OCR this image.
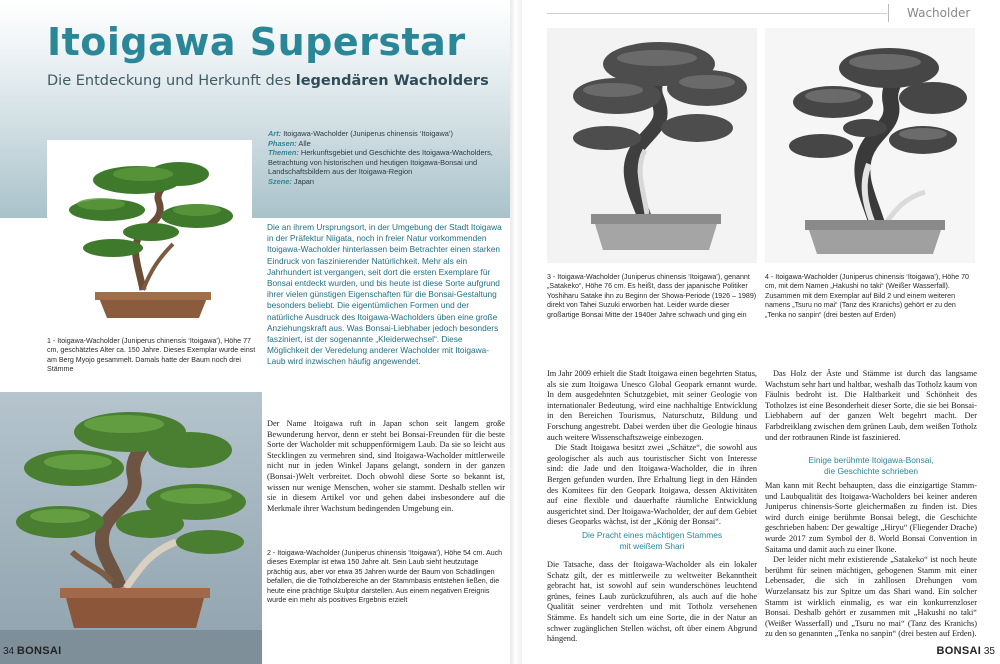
Itoigawa Superstar
Die Entdeckung und Herkunft des legendären Wacholders
Art: Itoigawa-Wacholder (Juniperus chinensis ‘Itoigawa’)
Phasen: Alle
Themen: Herkunftsgebiet und Geschichte des Itoigawa-Wacholders, Betrachtung von historischen und heutigen Itoigawa-Bonsai und Landschaftsbildern aus der Itoigawa-Region
Szene: Japan
1 - Itoigawa-Wacholder (Juniperus chinensis ‘Itoigawa’), Höhe 77 cm, geschätztes Alter ca. 150 Jahre. Dieses Exemplar wurde einst am Berg Myojo gesammelt. Damals hatte der Baum noch drei Stämme
Die an ihrem Ursprungsort, in der Umgebung der Stadt Itoigawa in der Präfektur Niigata, noch in freier Natur vorkommenden Itoigawa-Wacholder hinterlassen beim Betrachter einen starken Eindruck von faszinierender Natürlichkeit. Mehr als ein Jahrhundert ist vergangen, seit dort die ersten Exemplare für Bonsai entdeckt wurden, und bis heute ist diese Sorte aufgrund ihrer vielen günstigen Eigenschaften für die Bonsai-Gestaltung besonders beliebt. Die eigentümlichen Formen und der natürliche Ausdruck des Itoigawa-Wacholders üben eine große Anziehungskraft aus. Was Bonsai-Liebhaber jedoch besonders fasziniert, ist der sogenannte „Kleiderwechsel“. Diese Möglichkeit der Veredelung anderer Wacholder mit Itoigawa-Laub wird inzwischen häufig angewendet.
2 - Itoigawa-Wacholder (Juniperus chinensis ‘Itoigawa’), Höhe 54 cm. Auch dieses Exemplar ist etwa 150 Jahre alt. Sein Laub sieht heutzutage prächtig aus, aber vor etwa 35 Jahren wurde der Baum von Schädlingen befallen, die die Totholzbereiche an der Stammbasis entstehen ließen, die heute eine prächtige Skulptur darstellen. Aus einem negativen Ereignis wurde ein mehr als positives Ergebnis erzielt

Der Name Itoigawa ruft in Japan schon seit langem große Bewunderung hervor, denn er steht bei Bonsai-Freunden für die beste Sorte der Wacholder mit schuppenförmigem Laub. Da sie so leicht aus Stecklingen zu vermehren sind, sind Itoigawa-Wacholder mittlerweile nicht nur in jeden Winkel Japans gelangt, sondern in der ganzen (Bonsai-)Welt verbreitet. Doch obwohl diese Sorte so bekannt ist, wissen nur wenige Menschen, woher sie stammt. Deshalb stellen wir sie in diesem Artikel vor und gehen dabei insbesondere auf die Merkmale ihrer Wachstum bedingenden Umgebung ein.

34 BONSAI
Wacholder
3 - Itoigawa-Wacholder (Juniperus chinensis ‘Itoigawa’), genannt „Satakeko“, Höhe 76 cm. Es heißt, dass der japanische Politiker Yoshiharu Satake ihn zu Beginn der Showa-Periode (1926 – 1989) direkt von Tahei Suzuki erworben hat. Leider wurde dieser großartige Bonsai Mitte der 1940er Jahre schwach und ging ein
4 - Itoigawa-Wacholder (Juniperus chinensis ‘Itoigawa’), Höhe 70 cm, mit dem Namen „Hakushi no taki“ (Weißer Wasserfall). Zusammen mit dem Exemplar auf Bild 2 und einem weiteren namens „Tsuru no mai“ (Tanz des Kranichs) gehört er zu den „Tenka no sanpin“ (drei besten auf Erden)

Im Jahr 2009 erhielt die Stadt Itoigawa einen begehrten Status, als sie zum Itoigawa Unesco Global Geopark ernannt wurde. In dem ausgedehnten Schutzgebiet, mit seiner Geologie von internationaler Bedeutung, wird eine nachhaltige Entwicklung in den Bereichen Tourismus, Naturschutz, Bildung und Forschung angestrebt. Dabei werden über die Geologie hinaus auch weitere Wissenschaftszweige einbezogen.

Die Stadt Itoigawa besitzt zwei „Schätze“, die sowohl aus geologischer als auch aus touristischer Sicht von Interesse sind: die Jade und den Itoigawa-Wacholder, die in ihren Bergen gefunden wurden. Ihre Erhaltung liegt in den Händen des Komitees für den Geopark Itoigawa, dessen Aktivitäten auf eine flexible und dauerhafte räumliche Entwicklung ausgerichtet sind. Der Itoigawa-Wacholder, der auf dem Gebiet dieses Geoparks wächst, ist der „König der Bonsai“.

Die Pracht eines mächtigen Stammes
mit weißem Shari

Die Tatsache, dass der Itoigawa-Wacholder als ein lokaler Schatz gilt, der es mittlerweile zu weltweiter Bekanntheit gebracht hat, ist sowohl auf sein wunderschönes leuchtend grünes, feines Laub zurückzuführen, als auch auf die hohe Qualität seiner verdrehten und mit Totholz versehenen Stämme. Es handelt sich um eine Sorte, die in der Natur an schwer zugänglichen Stellen wächst, oft über einem Abgrund hängend.

Das Holz der Äste und Stämme ist durch das langsame Wachstum sehr hart und haltbar, weshalb das Totholz kaum von Fäulnis bedroht ist. Die Haltbarkeit und Schönheit des Totholzes ist eine Besonderheit dieser Sorte, die sie bei Bonsai-Liebhabern auf der ganzen Welt begehrt macht. Der Farbdreiklang zwischen dem grünen Laub, dem weißen Totholz und der rotbraunen Rinde ist fasziniered.

Einige berühmte Itoigawa-Bonsai,
die Geschichte schrieben

Man kann mit Recht behaupten, dass die einzigartige Stamm- und Laubqualität des Itoigawa-Wacholders bei keiner anderen Juniperus chinensis-Sorte gleichermaßen zu finden ist. Dies wird durch einige berühmte Bonsai belegt, die Geschichte geschrieben haben: Der gewaltige „Hiryu“ (Fliegender Drache) wurde 2017 zum Symbol der 8. World Bonsai Convention in Saitama und damit auch zu einer Ikone.

Der leider nicht mehr existierende „Satakeko“ ist noch heute berühmt für seinen mächtigen, gebogenen Stamm mit einer Lebensader, die sich in zahllosen Drehungen vom Wurzelansatz bis zur Spitze um das Shari wand. Ein solcher Stamm ist wirklich einmalig, es war ein konkurrenzloser Bonsai. Deshalb gehört er zusammen mit „Hakushi no taki“ (Weißer Wasserfall) und „Tsuru no mai“ (Tanz des Kranichs) zu den so genannten „Tenka no sanpin“ (drei besten auf Erden).

BONSAI 35
